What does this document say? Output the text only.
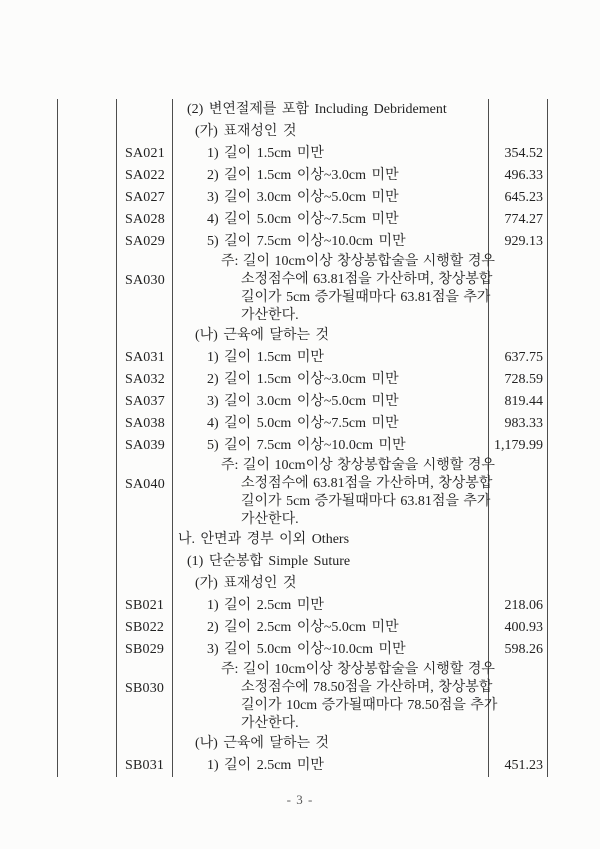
(2) 변연절제를 포함 Including Debridement
(가) 표재성인 것
SA021	1) 길이 1.5cm 미만	354.52
SA022	2) 길이 1.5cm 이상~3.0cm 미만	496.33
SA027	3) 길이 3.0cm 이상~5.0cm 미만	645.23
SA028	4) 길이 5.0cm 이상~7.5cm 미만	774.27
SA029	5) 길이 7.5cm 이상~10.0cm 미만	929.13
SA030
주: 길이 10cm이상 창상봉합술을 시행할 경우
소정점수에 63.81점을 가산하며, 창상봉합
길이가 5cm 증가될때마다 63.81점을 추가
가산한다.
(나) 근육에 달하는 것
SA031	1) 길이 1.5cm 미만	637.75
SA032	2) 길이 1.5cm 이상~3.0cm 미만	728.59
SA037	3) 길이 3.0cm 이상~5.0cm 미만	819.44
SA038	4) 길이 5.0cm 이상~7.5cm 미만	983.33
SA039	5) 길이 7.5cm 이상~10.0cm 미만	1,179.99
SA040
주: 길이 10cm이상 창상봉합술을 시행할 경우
소정점수에 63.81점을 가산하며, 창상봉합
길이가 5cm 증가될때마다 63.81점을 추가
가산한다.
나. 안면과 경부 이외 Others
(1) 단순봉합 Simple Suture
(가) 표재성인 것
SB021	1) 길이 2.5cm 미만	218.06
SB022	2) 길이 2.5cm 이상~5.0cm 미만	400.93
SB029	3) 길이 5.0cm 이상~10.0cm 미만	598.26
SB030
주: 길이 10cm이상 창상봉합술을 시행할 경우
소정점수에 78.50점을 가산하며, 창상봉합
길이가 10cm 증가될때마다 78.50점을 추가
가산한다.
(나) 근육에 달하는 것
SB031	1) 길이 2.5cm 미만	451.23
- 3 -
